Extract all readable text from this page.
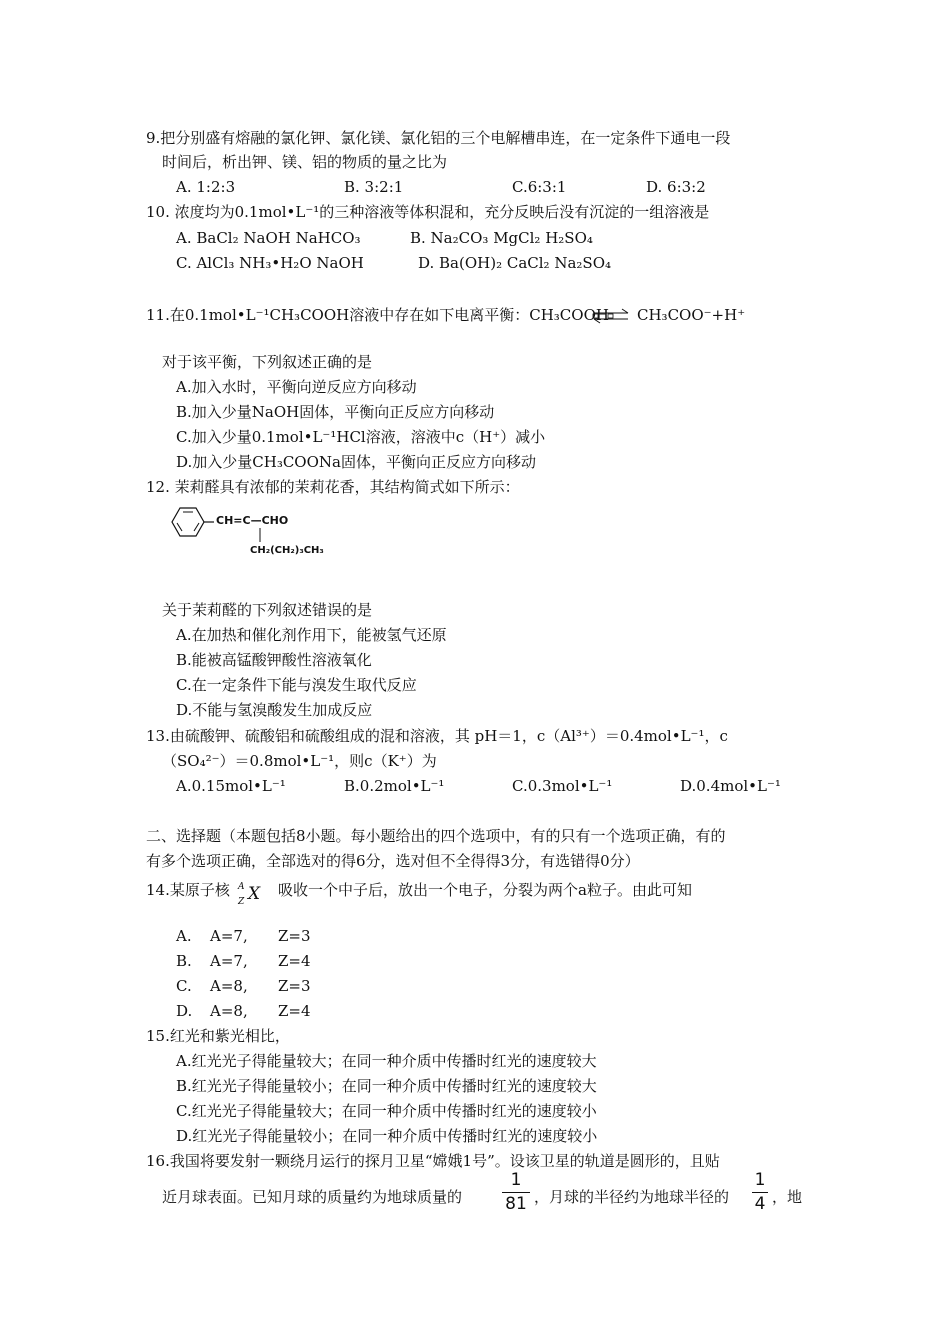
9.把分别盛有熔融的氯化钾、氯化镁、氯化铝的三个电解槽串连，在一定条件下通电一段
时间后，析出钾、镁、铝的物质的量之比为
A. 1:2:3	B. 3:2:1	C.6:3:1	D. 6:3:2
10. 浓度均为0.1mol•L⁻¹的三种溶液等体积混和，充分反映后没有沉淀的一组溶液是
A. BaCl₂ NaOH NaHCO₃	B. Na₂CO₃ MgCl₂ H₂SO₄
C. AlCl₃ NH₃•H₂O NaOH	D. Ba(OH)₂ CaCl₂ Na₂SO₄
11.在0.1mol•L⁻¹CH₃COOH溶液中存在如下电离平衡：CH₃COOH ⇌ CH₃COO⁻+H⁺
对于该平衡，下列叙述正确的是
A.加入水时，平衡向逆反应方向移动
B.加入少量NaOH固体，平衡向正反应方向移动
C.加入少量0.1mol•L⁻¹HCl溶液，溶液中c（H⁺）减小
D.加入少量CH₃COONa固体，平衡向正反应方向移动
12. 茉莉醛具有浓郁的茉莉花香，其结构简式如下所示：
CH=C—CHO
CH₂(CH₂)₃CH₃
关于茉莉醛的下列叙述错误的是
A.在加热和催化剂作用下，能被氢气还原
B.能被高锰酸钾酸性溶液氧化
C.在一定条件下能与溴发生取代反应
D.不能与氢溴酸发生加成反应
13.由硫酸钾、硫酸铝和硫酸组成的混和溶液，其 pH＝1，c（Al³⁺）＝0.4mol•L⁻¹，c
（SO₄²⁻）＝0.8mol•L⁻¹，则c（K⁺）为
A.0.15mol•L⁻¹	B.0.2mol•L⁻¹	C.0.3mol•L⁻¹	D.0.4mol•L⁻¹
二、选择题（本题包括8小题。每小题给出的四个选项中，有的只有一个选项正确，有的
有多个选项正确，全部选对的得6分，选对但不全得得3分，有选错得0分）
14.某原子核 A
Z X 吸收一个中子后，放出一个电子，分裂为两个a粒子。由此可知
A. A=7, Z=3
B. A=7, Z=4
C. A=8, Z=3
D. A=8, Z=4
15.红光和紫光相比，
A.红光光子得能量较大；在同一种介质中传播时红光的速度较大
B.红光光子得能量较小；在同一种介质中传播时红光的速度较大
C.红光光子得能量较大；在同一种介质中传播时红光的速度较小
D.红光光子得能量较小；在同一种介质中传播时红光的速度较小
16.我国将要发射一颗绕月运行的探月卫星“嫦娥1号”。设该卫星的轨道是圆形的，且贴
近月球表面。已知月球的质量约为地球质量的
1
81 ，月球的半径约为地球半径的
1
4 ，地
